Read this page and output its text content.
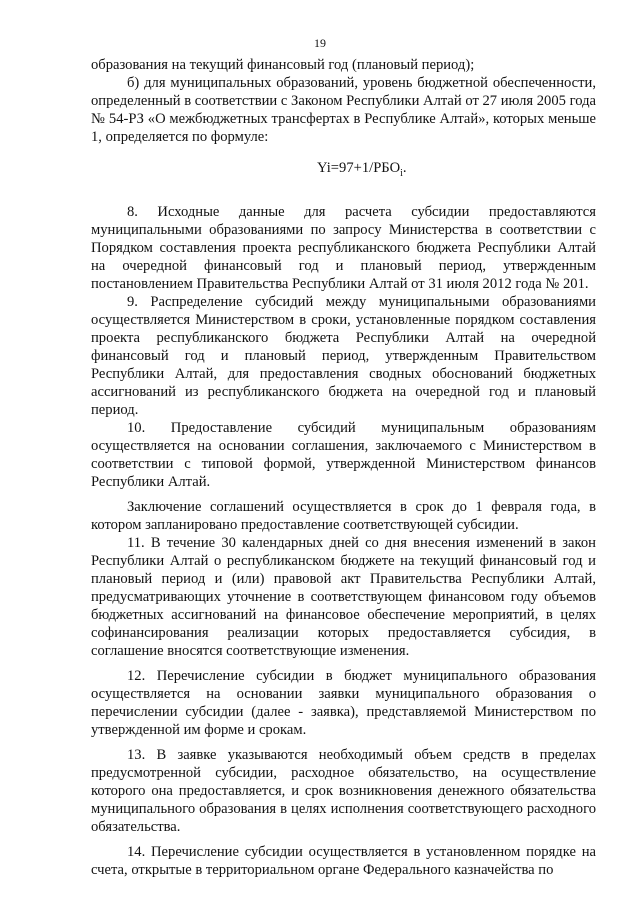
19

образования на текущий финансовый год (плановый период);

б) для муниципальных образований, уровень бюджетной обеспеченности, определенный в соответствии с Законом Республики Алтай от 27 июля 2005 года № 54-РЗ «О межбюджетных трансфертах в Республике Алтай», которых меньше 1, определяется по формуле:

$Yi=97+1/РБО_i$.

8. Исходные данные для расчета субсидии предоставляются муниципальными образованиями по запросу Министерства в соответствии с Порядком составления проекта республиканского бюджета Республики Алтай на очередной финансовый год и плановый период, утвержденным постановлением Правительства Республики Алтай от 31 июля 2012 года № 201.

9. Распределение субсидий между муниципальными образованиями осуществляется Министерством в сроки, установленные порядком составления проекта республиканского бюджета Республики Алтай на очередной финансовый год и плановый период, утвержденным Правительством Республики Алтай, для предоставления сводных обоснований бюджетных ассигнований из республиканского бюджета на очередной год и плановый период.

10. Предоставление субсидий муниципальным образованиям осуществляется на основании соглашения, заключаемого с Министерством в соответствии с типовой формой, утвержденной Министерством финансов Республики Алтай.

Заключение соглашений осуществляется в срок до 1 февраля года, в котором запланировано предоставление соответствующей субсидии.

11. В течение 30 календарных дней со дня внесения изменений в закон Республики Алтай о республиканском бюджете на текущий финансовый год и плановый период и (или) правовой акт Правительства Республики Алтай, предусматривающих уточнение в соответствующем финансовом году объемов бюджетных ассигнований на финансовое обеспечение мероприятий, в целях софинансирования реализации которых предоставляется субсидия, в соглашение вносятся соответствующие изменения.

12. Перечисление субсидии в бюджет муниципального образования осуществляется на основании заявки муниципального образования о перечислении субсидии (далее - заявка), представляемой Министерством по утвержденной им форме и срокам.

13. В заявке указываются необходимый объем средств в пределах предусмотренной субсидии, расходное обязательство, на осуществление которого она предоставляется, и срок возникновения денежного обязательства муниципального образования в целях исполнения соответствующего расходного обязательства.

14. Перечисление субсидии осуществляется в установленном порядке на счета, открытые в территориальном органе Федерального казначейства по
